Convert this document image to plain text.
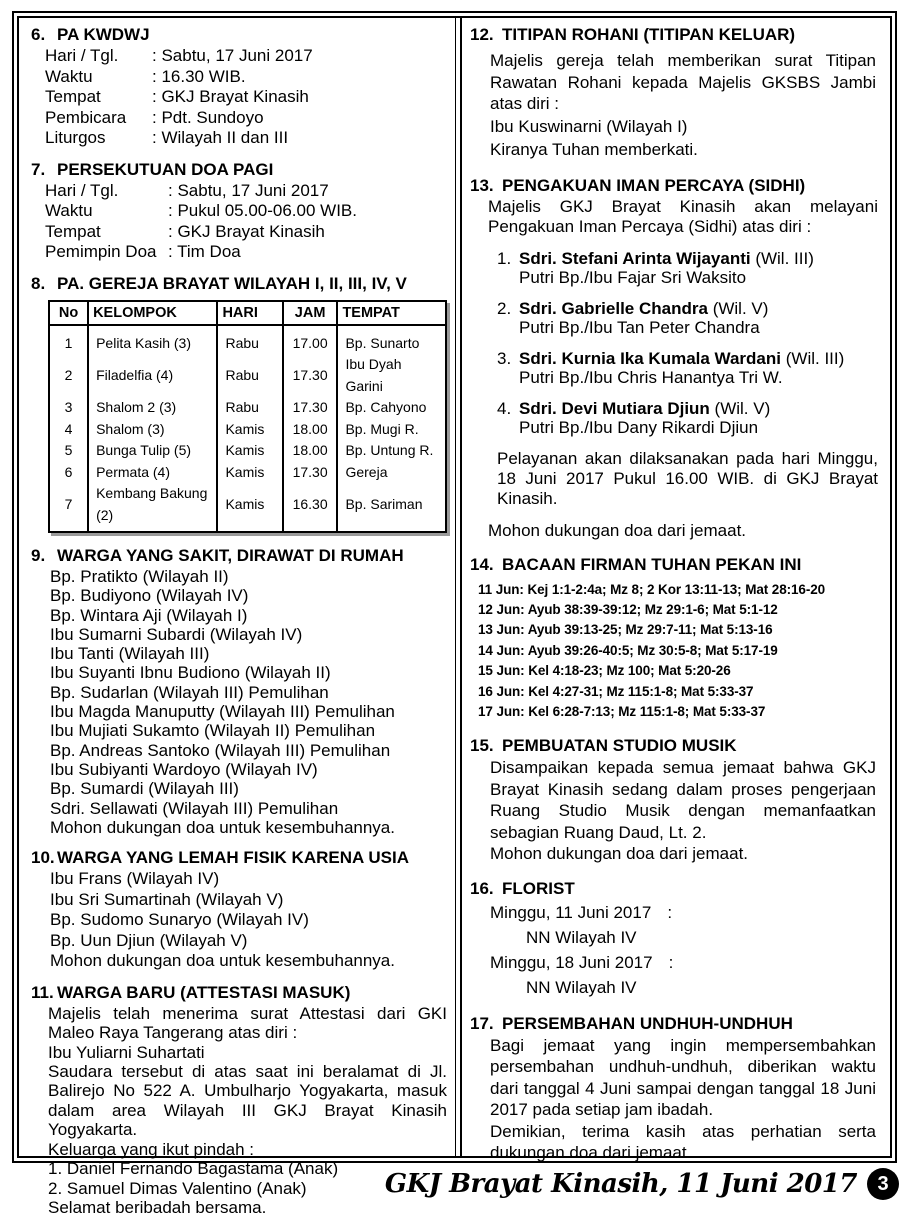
6. PA KWDWJ
Hari / Tgl.	: Sabtu, 17 Juni 2017
Waktu	: 16.30 WIB.
Tempat	: GKJ Brayat Kinasih
Pembicara	: Pdt. Sundoyo
Liturgos	: Wilayah II dan III
7. PERSEKUTUAN DOA PAGI
Hari / Tgl.	: Sabtu, 17 Juni 2017
Waktu	: Pukul 05.00-06.00 WIB.
Tempat	: GKJ Brayat Kinasih
Pemimpin Doa : Tim Doa
8. PA. GEREJA BRAYAT WILAYAH I, II, III, IV, V
No	KELOMPOK	HARI	JAM	TEMPAT
1	Pelita Kasih (3)	Rabu	17.00	Bp. Sunarto
2	Filadelfia (4)	Rabu	17.30	Ibu Dyah Garini
3	Shalom 2 (3)	Rabu	17.30	Bp. Cahyono
4	Shalom (3)	Kamis	18.00	Bp. Mugi R.
5	Bunga Tulip (5)	Kamis	18.00	Bp. Untung R.
6	Permata (4)	Kamis	17.30	Gereja
7	Kembang Bakung (2)	Kamis	16.30	Bp. Sariman
9. WARGA YANG SAKIT, DIRAWAT DI RUMAH
Bp. Pratikto (Wilayah II)
Bp. Budiyono (Wilayah IV)
Bp. Wintara Aji (Wilayah I)
Ibu Sumarni Subardi (Wilayah IV)
Ibu Tanti (Wilayah III)
Ibu Suyanti Ibnu Budiono (Wilayah II)
Bp. Sudarlan (Wilayah III) Pemulihan
Ibu Magda Manuputty (Wilayah III) Pemulihan
Ibu Mujiati Sukamto (Wilayah II) Pemulihan
Bp. Andreas Santoko (Wilayah III) Pemulihan
Ibu Subiyanti Wardoyo (Wilayah IV)
Bp. Sumardi (Wilayah III)
Sdri. Sellawati (Wilayah III) Pemulihan
Mohon dukungan doa untuk kesembuhannya.
10. WARGA YANG LEMAH FISIK KARENA USIA
Ibu Frans (Wilayah IV)
Ibu Sri Sumartinah (Wilayah V)
Bp. Sudomo Sunaryo (Wilayah IV)
Bp. Uun Djiun (Wilayah V)
Mohon dukungan doa untuk kesembuhannya.
11. WARGA BARU (ATTESTASI MASUK)
Majelis telah menerima surat Attestasi dari GKI Maleo Raya Tangerang atas diri :
Ibu Yuliarni Suhartati
Saudara tersebut di atas saat ini beralamat di Jl. Balirejo No 522 A. Umbulharjo Yogyakarta, masuk dalam area Wilayah III GKJ Brayat Kinasih Yogyakarta.
Keluarga yang ikut pindah :
1. Daniel Fernando Bagastama (Anak)
2. Samuel Dimas Valentino (Anak)
Selamat beribadah bersama.
12. TITIPAN ROHANI (TITIPAN KELUAR)
Majelis gereja telah memberikan surat Titipan Rawatan Rohani kepada Majelis GKSBS Jambi atas diri :
Ibu Kuswinarni (Wilayah I)
Kiranya Tuhan memberkati.
13. PENGAKUAN IMAN PERCAYA (SIDHI)
Majelis GKJ Brayat Kinasih akan melayani Pengakuan Iman Percaya (Sidhi) atas diri :
1. Sdri. Stefani Arinta Wijayanti (Wil. III)
Putri Bp./Ibu Fajar Sri Waksito
2. Sdri. Gabrielle Chandra (Wil. V)
Putri Bp./Ibu Tan Peter Chandra
3. Sdri. Kurnia Ika Kumala Wardani (Wil. III)
Putri Bp./Ibu Chris Hanantya Tri W.
4. Sdri. Devi Mutiara Djiun (Wil. V)
Putri Bp./Ibu Dany Rikardi Djiun
Pelayanan akan dilaksanakan pada hari Minggu, 18 Juni 2017 Pukul 16.00 WIB. di GKJ Brayat Kinasih.
Mohon dukungan doa dari jemaat.
14. BACAAN FIRMAN TUHAN PEKAN INI
11 Jun: Kej 1:1-2:4a; Mz 8; 2 Kor 13:11-13; Mat 28:16-20
12 Jun: Ayub 38:39-39:12; Mz 29:1-6; Mat 5:1-12
13 Jun: Ayub 39:13-25; Mz 29:7-11; Mat 5:13-16
14 Jun: Ayub 39:26-40:5; Mz 30:5-8; Mat 5:17-19
15 Jun: Kel 4:18-23; Mz 100; Mat 5:20-26
16 Jun: Kel 4:27-31; Mz 115:1-8; Mat 5:33-37
17 Jun: Kel 6:28-7:13; Mz 115:1-8; Mat 5:33-37
15. PEMBUATAN STUDIO MUSIK
Disampaikan kepada semua jemaat bahwa GKJ Brayat Kinasih sedang dalam proses pengerjaan Ruang Studio Musik dengan memanfaatkan sebagian Ruang Daud, Lt. 2.
Mohon dukungan doa dari jemaat.
16. FLORIST
Minggu, 11 Juni 2017 :
NN Wilayah IV
Minggu, 18 Juni 2017 :
NN Wilayah IV
17. PERSEMBAHAN UNDHUH-UNDHUH
Bagi jemaat yang ingin mempersembahkan persembahan undhuh-undhuh, diberikan waktu dari tanggal 4 Juni sampai dengan tanggal 18 Juni 2017 pada setiap jam ibadah.
Demikian, terima kasih atas perhatian serta dukungan doa dari jemaat.
GKJ Brayat Kinasih, 11 Juni 2017	3
